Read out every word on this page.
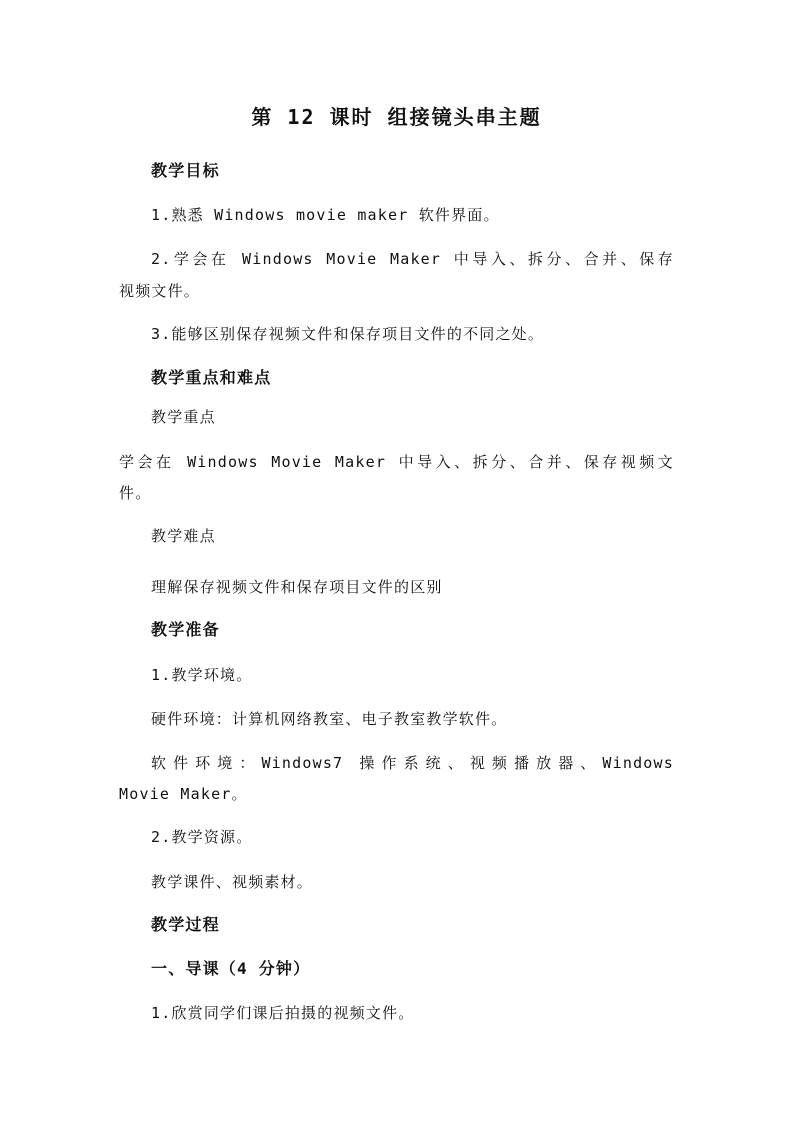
第 12 课时 组接镜头串主题

教学目标

1.熟悉 Windows movie maker 软件界面。

2.学会在 Windows Movie Maker 中导入、拆分、合并、保存

视频文件。

3.能够区别保存视频文件和保存项目文件的不同之处。

教学重点和难点

教学重点

学会在 Windows Movie Maker 中导入、拆分、合并、保存视频文

件。

教学难点

理解保存视频文件和保存项目文件的区别

教学准备

1.教学环境。

硬件环境：计算机网络教室、电子教室教学软件。

软件环境：Windows7 操作系统、视频播放器、Windows

Movie Maker。

2.教学资源。

教学课件、视频素材。

教学过程

一、导课（4 分钟）

1.欣赏同学们课后拍摄的视频文件。
